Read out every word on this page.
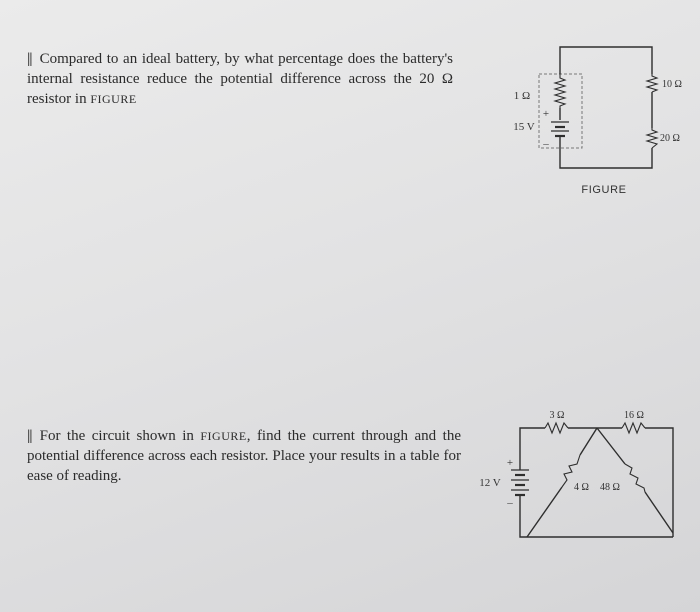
|| Compared to an ideal battery, by what percentage does the battery's internal resistance reduce the potential difference across the 20 Ω resistor in FIGURE
|| For the circuit shown in FIGURE, find the current through and the potential difference across each resistor. Place your results in a table for ease of reading.
1 Ω
15 V
+
–
10 Ω
20 Ω
FIGURE
12 V
+
–
3 Ω	16 Ω
4 Ω 48 Ω
